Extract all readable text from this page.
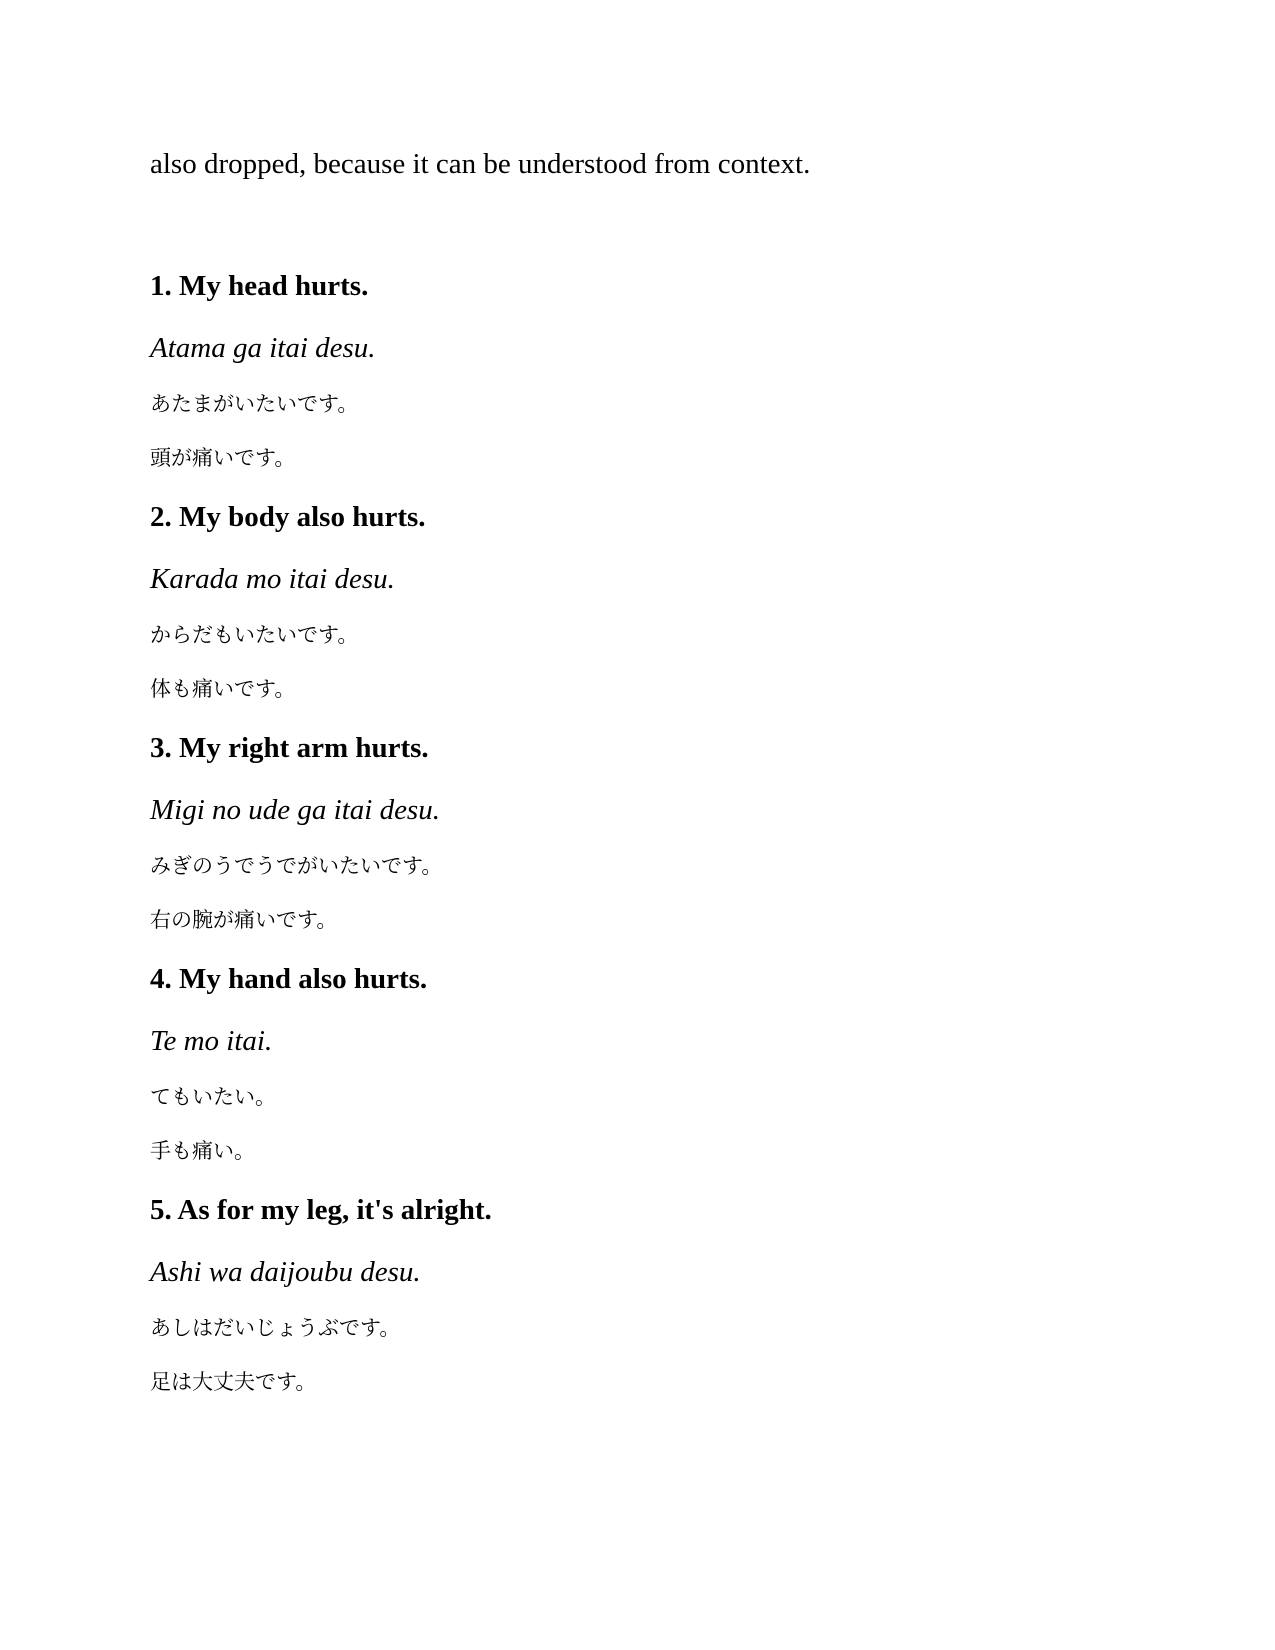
also dropped, because it can be understood from context.

1. My head hurts.

Atama ga itai desu.

あたまがいたいです。

頭が痛いです。

2. My body also hurts.

Karada mo itai desu.

からだもいたいです。

体も痛いです。

3. My right arm hurts.

Migi no ude ga itai desu.

みぎのうでうでがいたいです。

右の腕が痛いです。

4. My hand also hurts.

Te mo itai.

てもいたい。

手も痛い。

5. As for my leg, it's alright.

Ashi wa daijoubu desu.

あしはだいじょうぶです。

足は大丈夫です。
